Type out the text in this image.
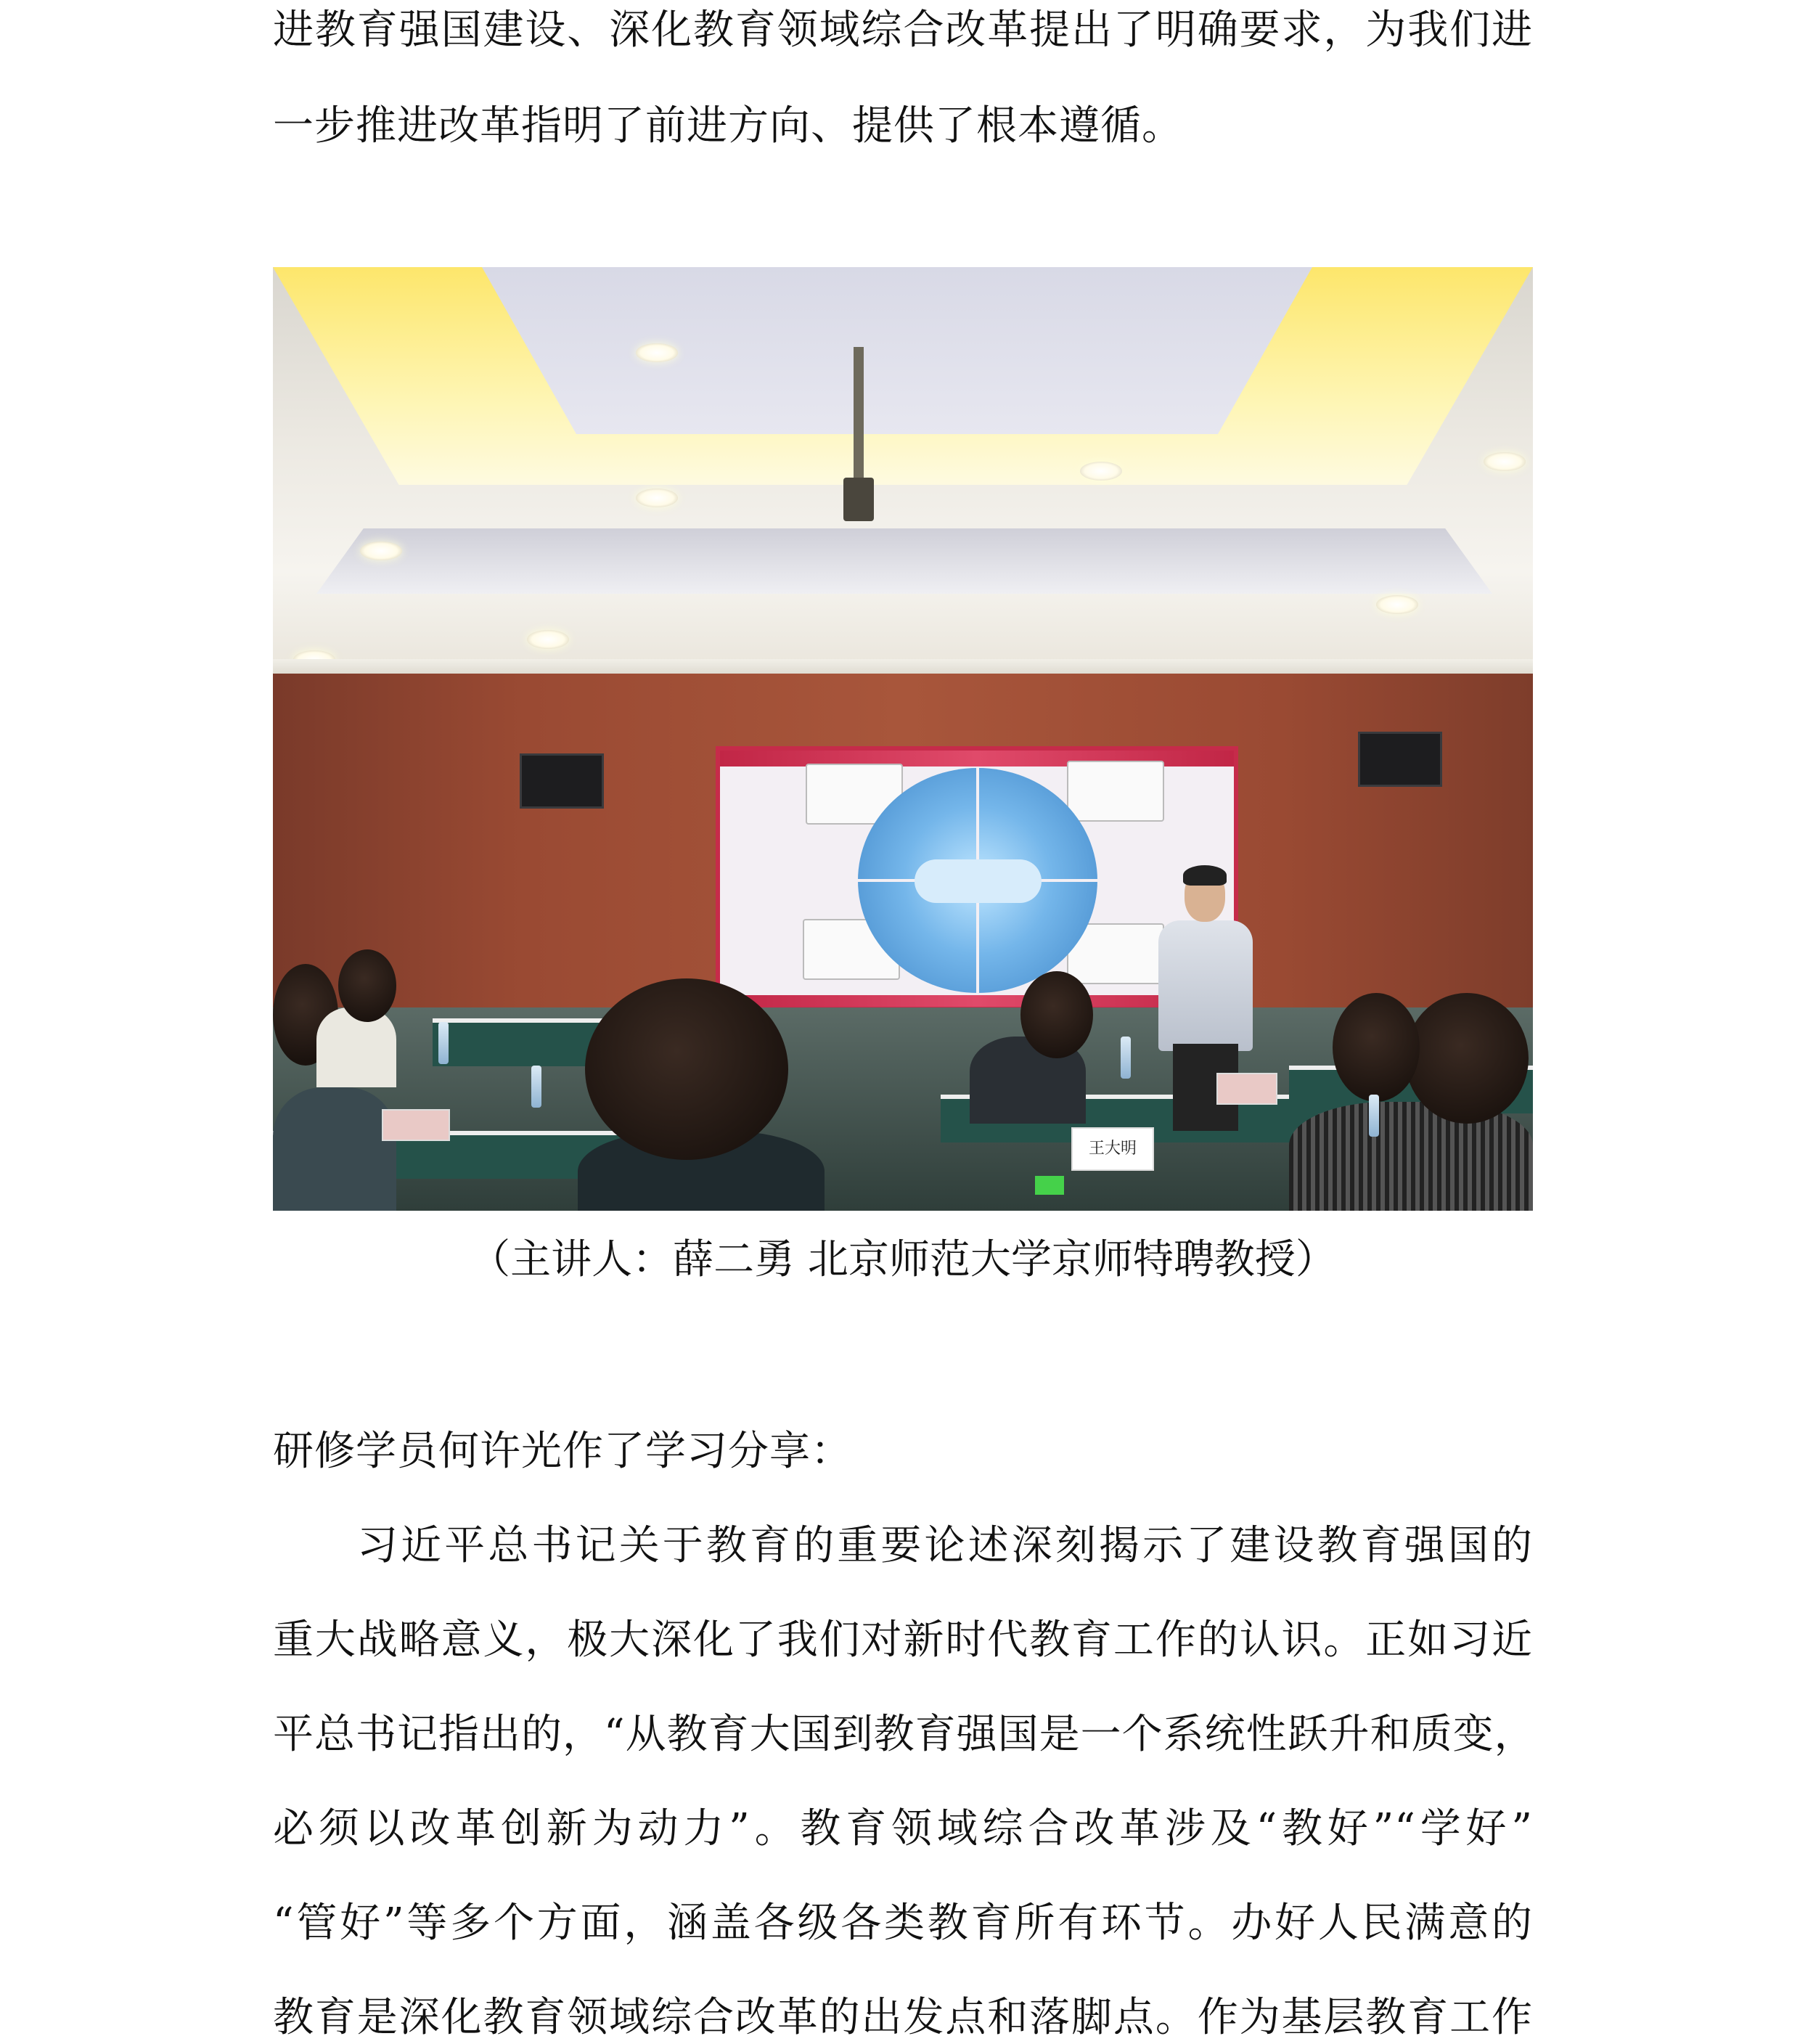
进教育强国建设、深化教育领域综合改革提出了明确要求，为我们进
一步推进改革指明了前进方向、提供了根本遵循。
王大明
（主讲人：薛二勇 北京师范大学京师特聘教授）
研修学员何许光作了学习分享：
习近平总书记关于教育的重要论述深刻揭示了建设教育强国的
重大战略意义，极大深化了我们对新时代教育工作的认识。正如习近
平总书记指出的，“从教育大国到教育强国是一个系统性跃升和质变，
必须以改革创新为动力”。教育领域综合改革涉及“教好”“学好”
“管好”等多个方面，涵盖各级各类教育所有环节。办好人民满意的
教育是深化教育领域综合改革的出发点和落脚点。作为基层教育工作
